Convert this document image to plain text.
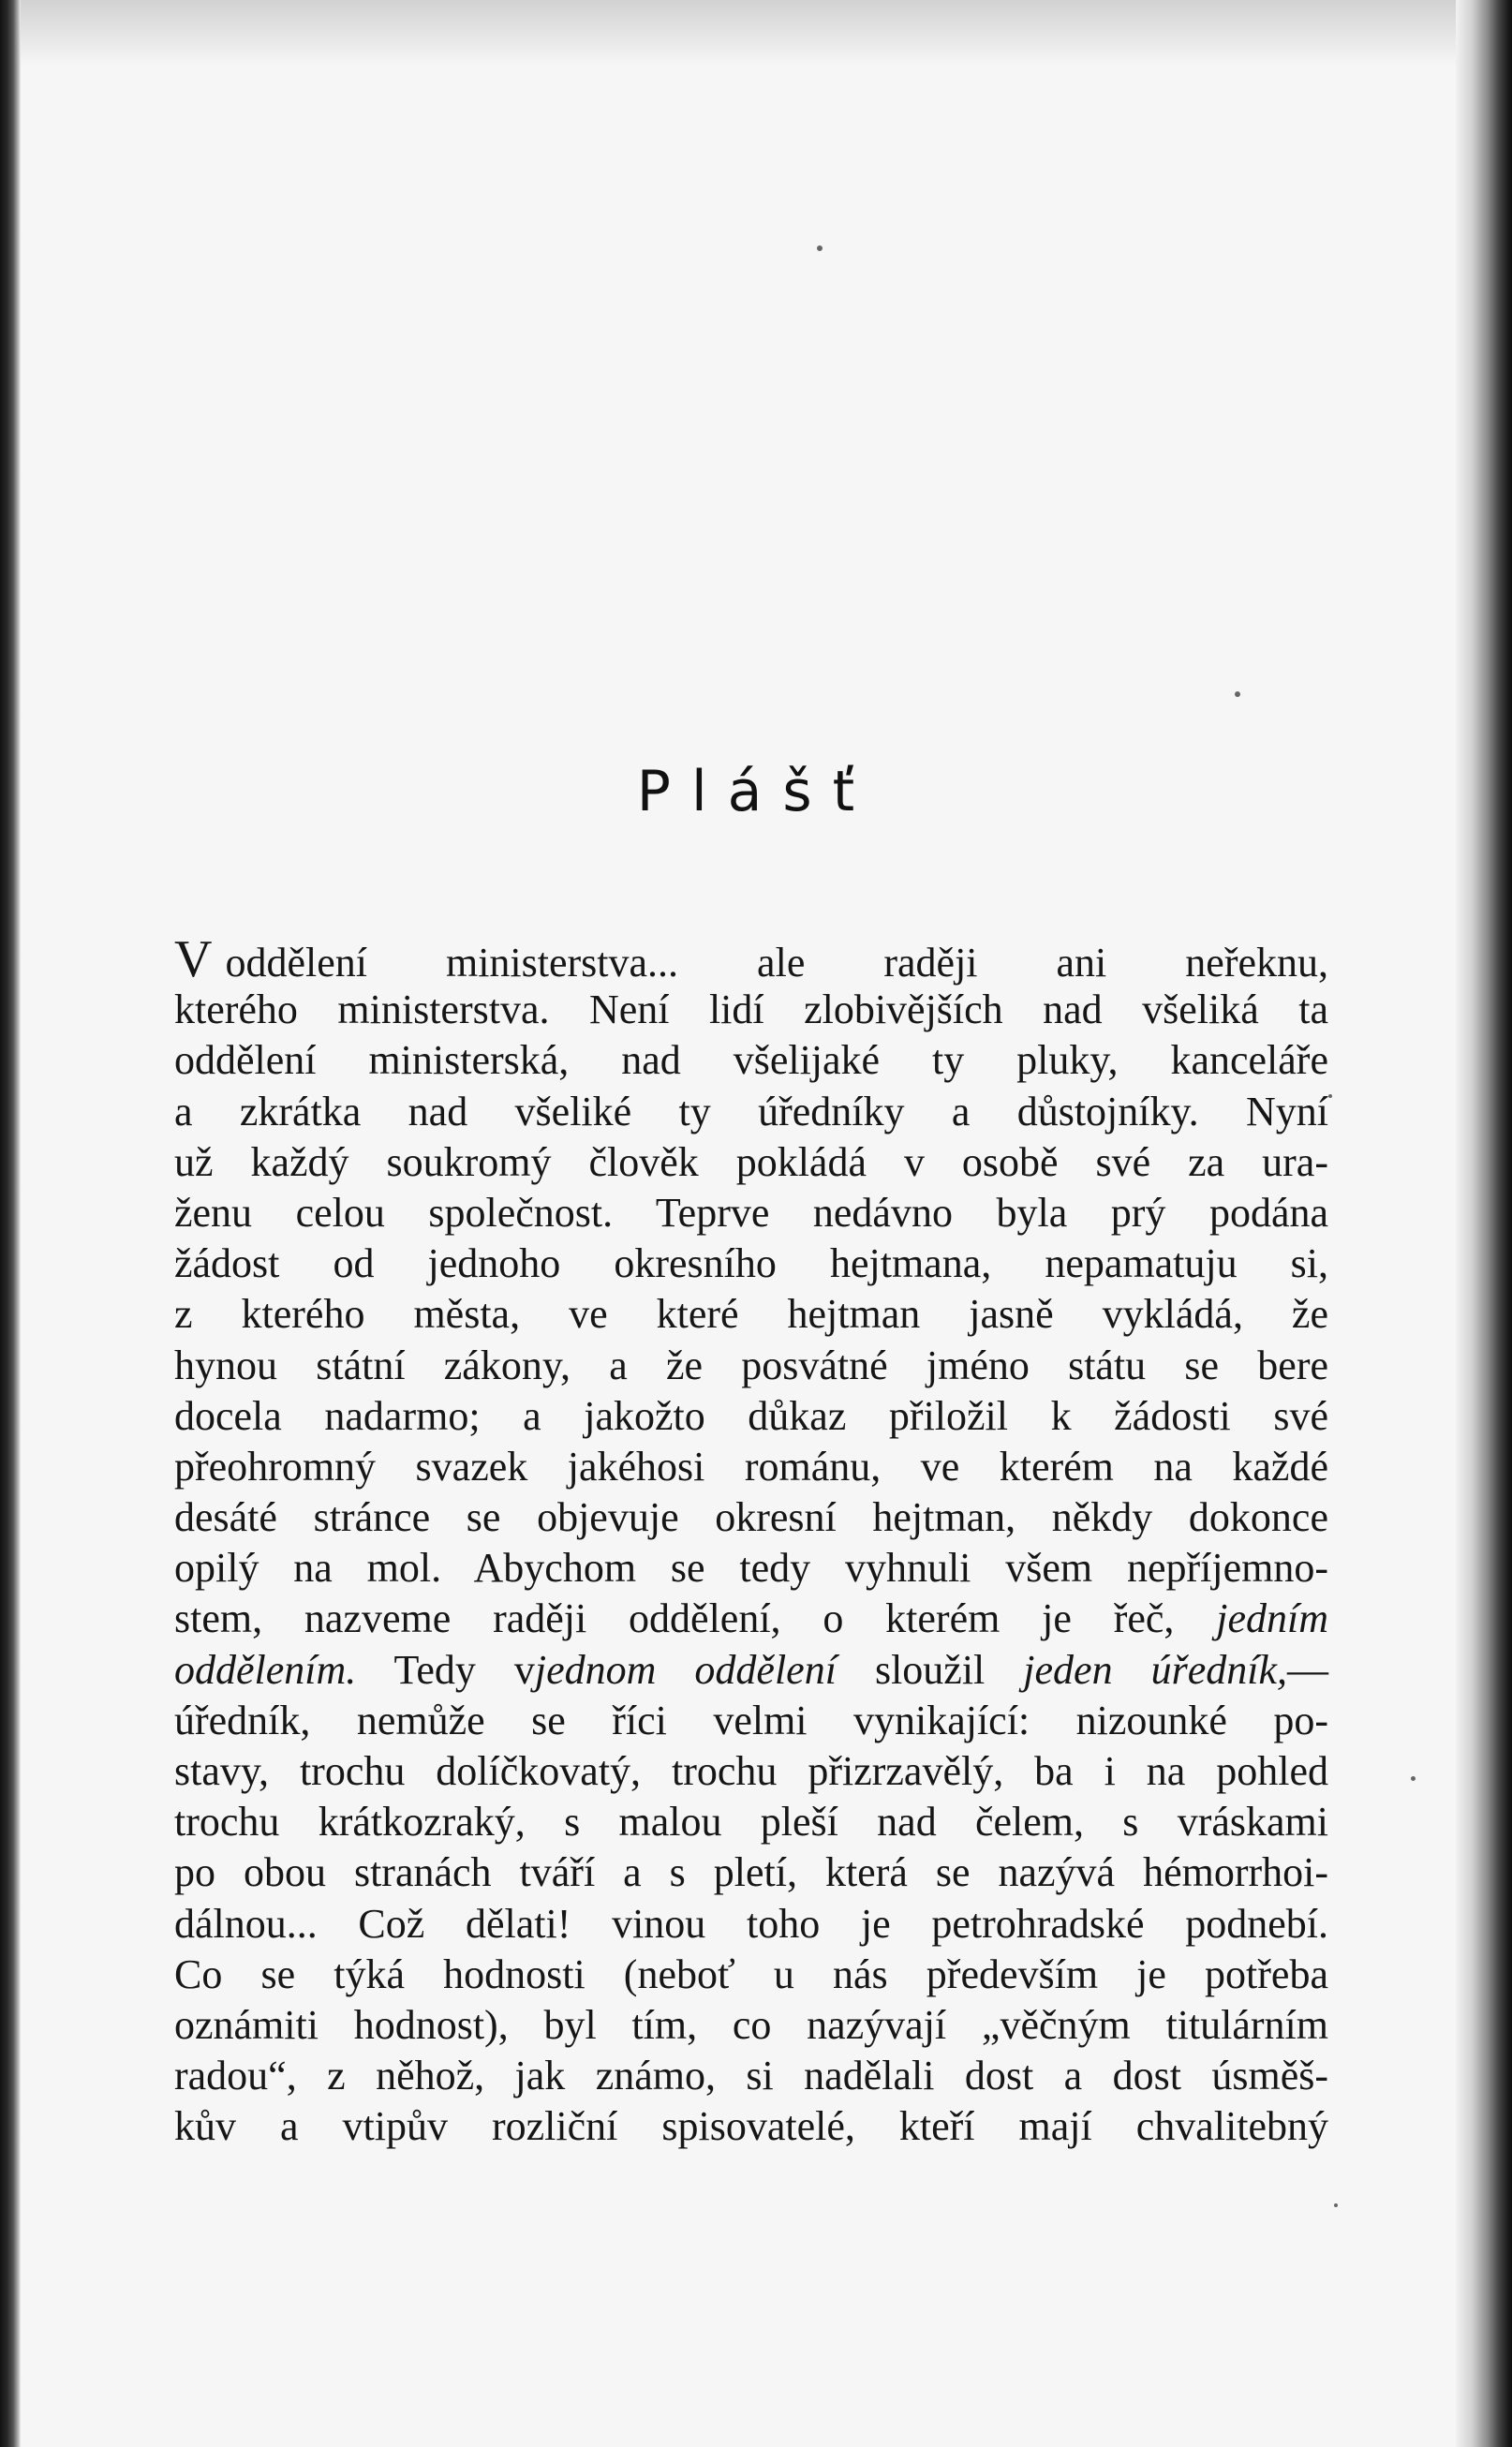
Plášť
V oddělení ministerstva... ale raději ani neřeknu,
kterého ministerstva. Není lidí zlobivějších nad všeliká ta
oddělení ministerská, nad všelijaké ty pluky, kanceláře
a zkrátka nad všeliké ty úředníky a důstojníky. Nyní
už každý soukromý člověk pokládá v osobě své za ura-
ženu celou společnost. Teprve nedávno byla prý podána
žádost od jednoho okresního hejtmana, nepamatuju si,
z kterého města, ve které hejtman jasně vykládá, že
hynou státní zákony, a že posvátné jméno státu se bere
docela nadarmo; a jakožto důkaz přiložil k žádosti své
přeohromný svazek jakéhosi románu, ve kterém na každé
desáté stránce se objevuje okresní hejtman, někdy dokonce
opilý na mol. Abychom se tedy vyhnuli všem nepříjemno-
stem, nazveme raději oddělení, o kterém je řeč, jedním
oddělením. Tedy vjednom oddělení sloužil jeden úředník,—
úředník, nemůže se říci velmi vynikající: nizounké po-
stavy, trochu dolíčkovatý, trochu přizrzavělý, ba i na pohled
trochu krátkozraký, s malou pleší nad čelem, s vráskami
po obou stranách tváří a s pletí, která se nazývá hémorrhoi-
dálnou... Což dělati! vinou toho je petrohradské podnebí.
Co se týká hodnosti (neboť u nás především je potřeba
oznámiti hodnost), byl tím, co nazývají „věčným titulárním
radou“, z něhož, jak známo, si nadělali dost a dost úsměš-
kův a vtipův rozliční spisovatelé, kteří mají chvalitebný
